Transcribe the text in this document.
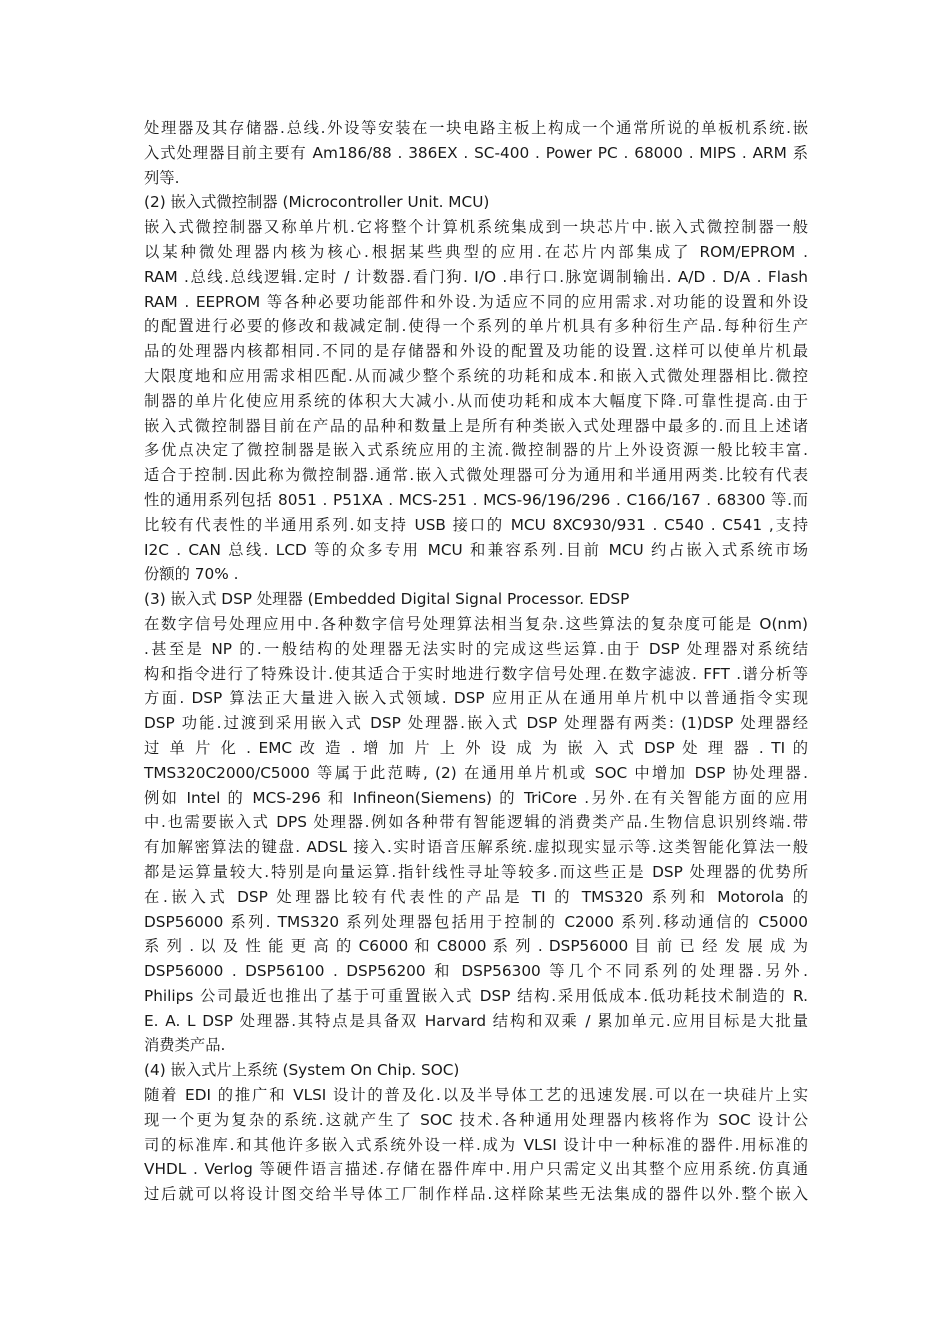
处理器及其存储器.总线.外设等安装在一块电路主板上构成一个通常所说的单板机系统.嵌
入式处理器目前主要有 Am186/88 . 386EX . SC-400 . Power PC . 68000 . MIPS . ARM 系
列等.
(2) 嵌入式微控制器 (Microcontroller Unit. MCU)
嵌入式微控制器又称单片机.它将整个计算机系统集成到一块芯片中.嵌入式微控制器一般
以某种微处理器内核为核心.根据某些典型的应用.在芯片内部集成了 ROM/EPROM .
RAM .总线.总线逻辑.定时 / 计数器.看门狗. I/O .串行口.脉宽调制输出. A/D . D/A . Flash
RAM . EEPROM 等各种必要功能部件和外设.为适应不同的应用需求.对功能的设置和外设
的配置进行必要的修改和裁减定制.使得一个系列的单片机具有多种衍生产品.每种衍生产
品的处理器内核都相同.不同的是存储器和外设的配置及功能的设置.这样可以使单片机最
大限度地和应用需求相匹配.从而减少整个系统的功耗和成本.和嵌入式微处理器相比.微控
制器的单片化使应用系统的体积大大减小.从而使功耗和成本大幅度下降.可靠性提高.由于
嵌入式微控制器目前在产品的品种和数量上是所有种类嵌入式处理器中最多的.而且上述诸
多优点决定了微控制器是嵌入式系统应用的主流.微控制器的片上外设资源一般比较丰富.
适合于控制.因此称为微控制器.通常.嵌入式微处理器可分为通用和半通用两类.比较有代表
性的通用系列包括 8051 . P51XA . MCS-251 . MCS-96/196/296 . C166/167 . 68300 等.而
比较有代表性的半通用系列.如支持 USB 接口的 MCU 8XC930/931 . C540 . C541 ,支持
I2C . CAN 总线. LCD 等的众多专用 MCU 和兼容系列.目前 MCU 约占嵌入式系统市场
份额的 70% .
(3) 嵌入式 DSP 处理器 (Embedded Digital Signal Processor. EDSP
在数字信号处理应用中.各种数字信号处理算法相当复杂.这些算法的复杂度可能是 O(nm)
.甚至是 NP 的.一般结构的处理器无法实时的完成这些运算.由于 DSP 处理器对系统结
构和指令进行了特殊设计.使其适合于实时地进行数字信号处理.在数字滤波. FFT .谱分析等
方面. DSP 算法正大量进入嵌入式领域. DSP 应用正从在通用单片机中以普通指令实现
DSP 功能.过渡到采用嵌入式 DSP 处理器.嵌入式 DSP 处理器有两类: (1)DSP 处理器经
过 单 片 化 . EMC 改 造 . 增 加 片 上 外 设 成 为 嵌 入 式 DSP 处 理 器 . TI 的
TMS320C2000/C5000 等属于此范畴, (2) 在通用单片机或 SOC 中增加 DSP 协处理器.
例如 Intel 的 MCS-296 和 Infineon(Siemens) 的 TriCore .另外.在有关智能方面的应用
中.也需要嵌入式 DPS 处理器.例如各种带有智能逻辑的消费类产品.生物信息识别终端.带
有加解密算法的键盘. ADSL 接入.实时语音压解系统.虚拟现实显示等.这类智能化算法一般
都是运算量较大.特别是向量运算.指针线性寻址等较多.而这些正是 DSP 处理器的优势所
在.嵌入式 DSP 处理器比较有代表性的产品是 TI 的 TMS320 系列和 Motorola 的
DSP56000 系列. TMS320 系列处理器包括用于控制的 C2000 系列.移动通信的 C5000
系 列 . 以 及 性 能 更 高 的 C6000 和 C8000 系 列 . DSP56000 目 前 已 经 发 展 成 为
DSP56000 . DSP56100 . DSP56200 和 DSP56300 等几个不同系列的处理器.另外.
Philips 公司最近也推出了基于可重置嵌入式 DSP 结构.采用低成本.低功耗技术制造的 R.
E. A. L DSP 处理器.其特点是具备双 Harvard 结构和双乘 / 累加单元.应用目标是大批量
消费类产品.
(4) 嵌入式片上系统 (System On Chip. SOC)
随着 EDI 的推广和 VLSI 设计的普及化.以及半导体工艺的迅速发展.可以在一块硅片上实
现一个更为复杂的系统.这就产生了 SOC 技术.各种通用处理器内核将作为 SOC 设计公
司的标准库.和其他许多嵌入式系统外设一样.成为 VLSI 设计中一种标准的器件.用标准的
VHDL . Verlog 等硬件语言描述.存储在器件库中.用户只需定义出其整个应用系统.仿真通
过后就可以将设计图交给半导体工厂制作样品.这样除某些无法集成的器件以外.整个嵌入
